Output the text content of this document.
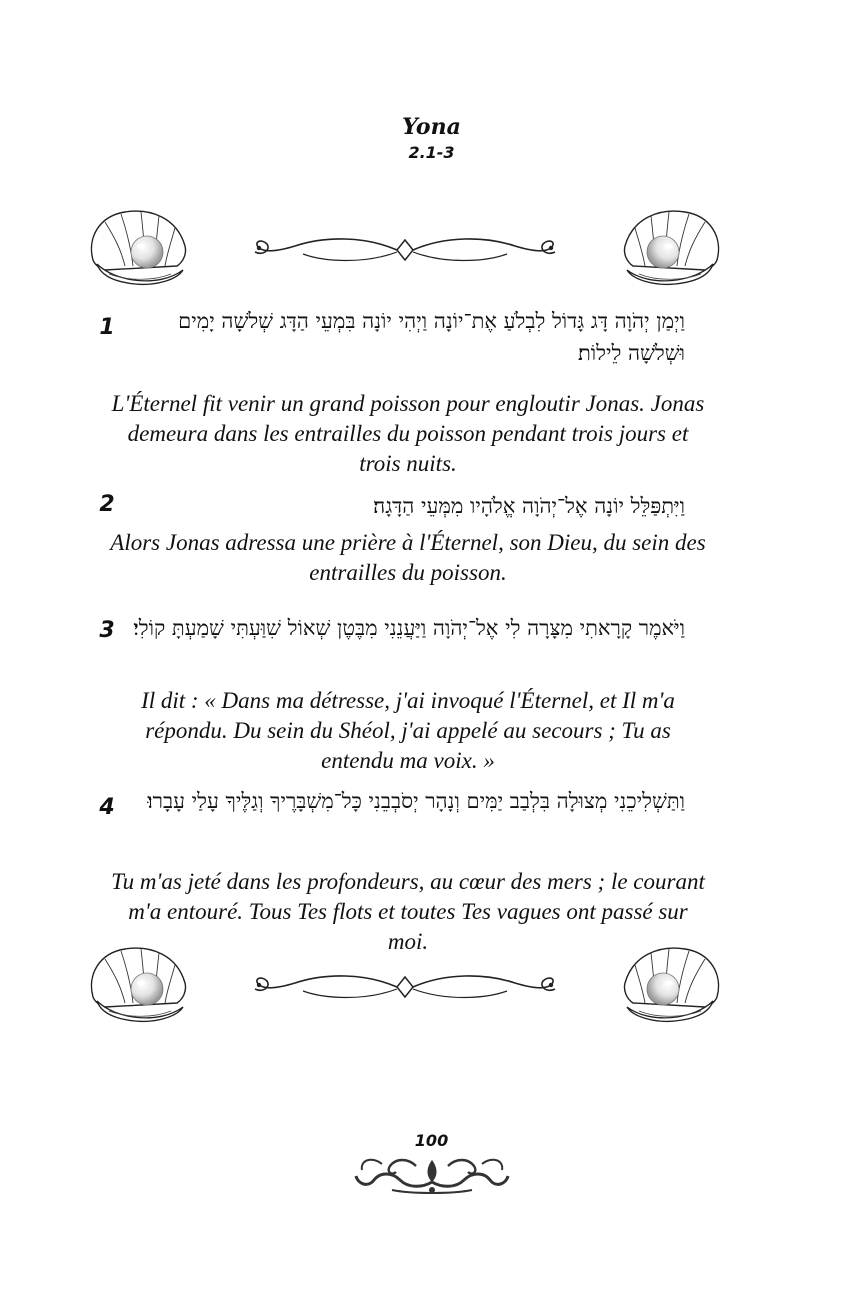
Yona
2.1-3
1	וַיְמַן יְהֹוָה דָּג גָּדוֹל לִבְלֹעַ אֶת־יוֹנָה וַיְהִי יוֹנָה בִּמְעֵי הַדָּג שְׁלֹשָׁה יָמִים וּשְׁלֹשָׁה לֵילוֹת׃
L'Éternel fit venir un grand poisson pour engloutir Jonas. Jonas demeura dans les entrailles du poisson pendant trois jours et trois nuits.
2	וַיִּתְפַּלֵּל יוֹנָה אֶל־יְהֹוָה אֱלֹהָיו מִמְּעֵי הַדָּגָה׃
Alors Jonas adressa une prière à l'Éternel, son Dieu, du sein des entrailles du poisson.
3 וַיֹּאמֶר קָרָאתִי מִצָּרָה לִי אֶל־יְהֹוָה וַיַּעֲנֵנִי מִבֶּטֶן שְׁאוֹל שִׁוַּעְתִּי שָׁמַעְתָּ קוֹלִי׃
Il dit : « Dans ma détresse, j'ai invoqué l'Éternel, et Il m'a répondu. Du sein du Shéol, j'ai appelé au secours ; Tu as entendu ma voix. »
4	וַתַּשְׁלִיכֵנִי מְצוּלָה בִּלְבַב יַמִּים וְנָהָר יְסֹבְבֵנִי כָּל־מִשְׁבָּרֶיךָ וְגַלֶּיךָ עָלַי עָבָרוּ׃
Tu m'as jeté dans les profondeurs, au cœur des mers ; le courant m'a entouré. Tous Tes flots et toutes Tes vagues ont passé sur moi.
100
